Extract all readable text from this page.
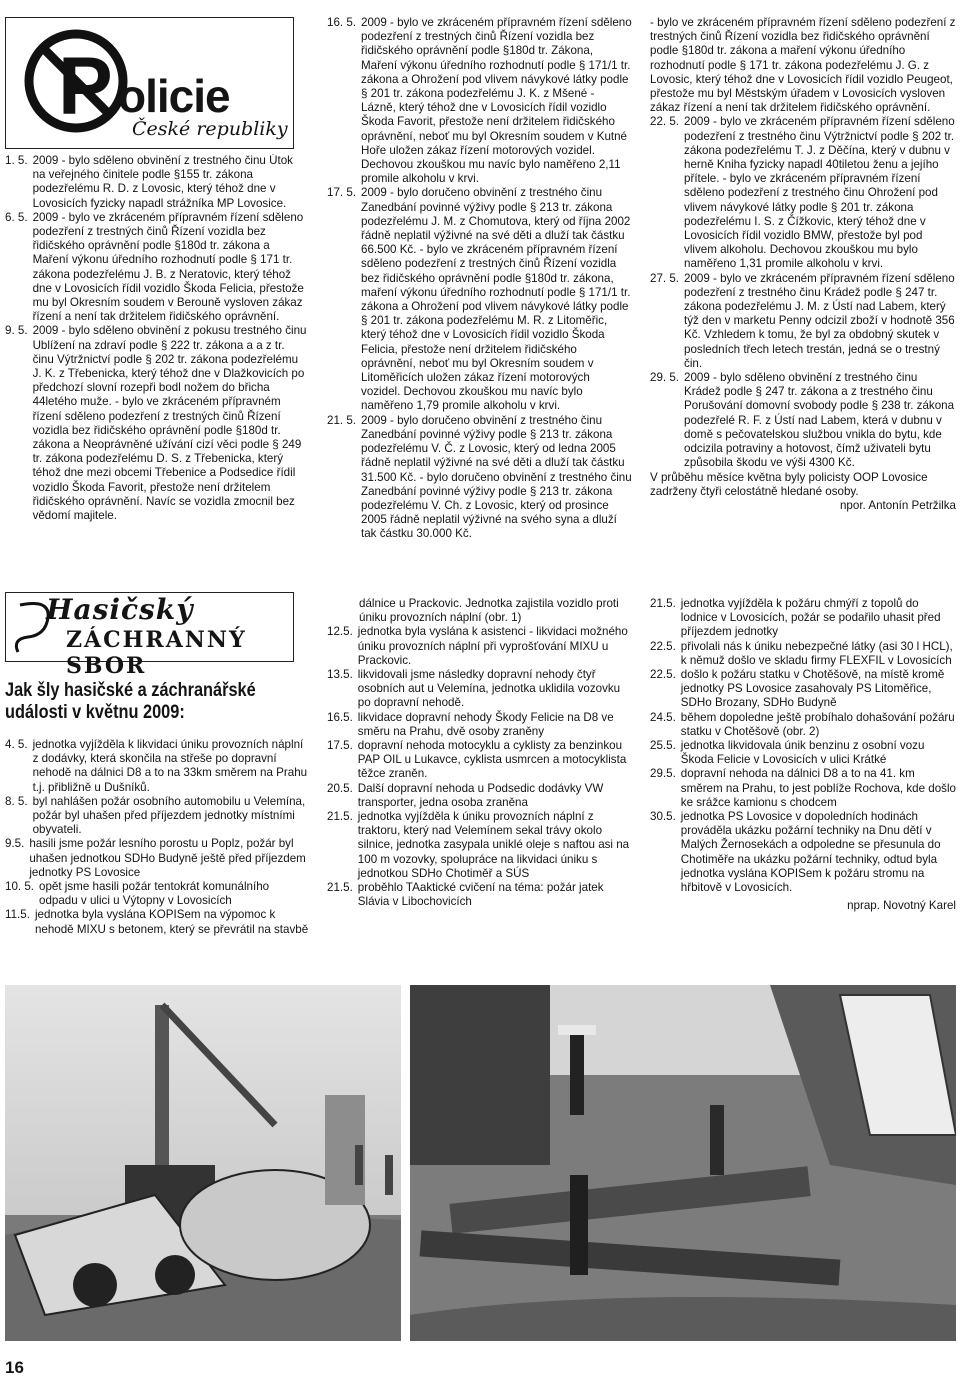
P olicie
České republiky
1. 5. 2009 - bylo sděleno obvinění z trestného činu Útok na veřejného činitele podle §155 tr. zákona podezřelému R. D. z Lovosic, který téhož dne v Lovosicích fyzicky napadl strážníka MP Lovosice.
6. 5. 2009 - bylo ve zkráceném přípravném řízení sděleno podezření z trestných činů Řízení vozidla bez řidičského oprávnění podle §180d tr. zákona a Maření výkonu úředního rozhodnutí podle § 171 tr. zákona podezřelému J. B. z Neratovic, který téhož dne v Lovosicích řídil vozidlo Škoda Felicia, přestože mu byl Okresním soudem v Berouně vysloven zákaz řízení a není tak držitelem řidičského oprávnění.
9. 5. 2009 - bylo sděleno obvinění z pokusu trestného činu Ublížení na zdraví podle § 222 tr. zákona a a z tr. činu Výtržnictví podle § 202 tr. zákona podezřelému J. K. z Třebenicka, který téhož dne v Dlažkovicích po předchozí slovní rozepři bodl nožem do břicha 44letého muže. - bylo ve zkráceném přípravném řízení sděleno podezření z trestných činů Řízení vozidla bez řidičského oprávnění podle §180d tr. zákona a Neoprávněné užívání cizí věci podle § 249 tr. zákona podezřelému D. S. z Třebenicka, který téhož dne mezi obcemi Třebenice a Podsedice řídil vozidlo Škoda Favorit, přestože není držitelem řidičského oprávnění. Navíc se vozidla zmocnil bez vědomí majitele.
16. 5. 2009 - bylo ve zkráceném přípravném řízení sděleno podezření z trestných činů Řízení vozidla bez řidičského oprávnění podle §180d tr. Zákona, Maření výkonu úředního rozhodnutí podle § 171/1 tr. zákona a Ohrožení pod vlivem návykové látky podle § 201 tr. zákona podezřelému J. K. z Mšené - Lázně, který téhož dne v Lovosicích řídil vozidlo Škoda Favorit, přestože není držitelem řidičského oprávnění, neboť mu byl Okresním soudem v Kutné Hoře uložen zákaz řízení motorových vozidel. Dechovou zkouškou mu navíc bylo naměřeno 2,11 promile alkoholu v krvi.
17. 5. 2009 - bylo doručeno obvinění z trestného činu Zanedbání povinné výživy podle § 213 tr. zákona podezřelému J. M. z Chomutova, který od října 2002 řádně neplatil výživné na své děti a dluží tak částku 66.500 Kč. - bylo ve zkráceném přípravném řízení sděleno podezření z trestných činů Řízení vozidla bez řidičského oprávnění podle §180d tr. zákona, maření výkonu úředního rozhodnutí podle § 171/1 tr. zákona a Ohrožení pod vlivem návykové látky podle § 201 tr. zákona podezřelému M. R. z Litoměřic, který téhož dne v Lovosicích řídil vozidlo Škoda Felicia, přestože není držitelem řidičského oprávnění, neboť mu byl Okresním soudem v Litoměřicích uložen zákaz řízení motorových vozidel. Dechovou zkouškou mu navíc bylo naměřeno 1,79 promile alkoholu v krvi.
21. 5. 2009 - bylo doručeno obvinění z trestného činu Zanedbání povinné výživy podle § 213 tr. zákona podezřelému V. Č. z Lovosic, který od ledna 2005 řádně neplatil výživné na své děti a dluží tak částku 31.500 Kč. - bylo doručeno obvinění z trestného činu Zanedbání povinné výživy podle § 213 tr. zákona podezřelému V. Ch. z Lovosic, který od prosince 2005 řádně neplatil výživné na svého syna a dluží tak částku 30.000 Kč.

- bylo ve zkráceném přípravném řízení sděleno podezření z trestných činů Řízení vozidla bez řidičského oprávnění podle §180d tr. zákona a maření výkonu úředního rozhodnutí podle § 171 tr. zákona podezřelému J. G. z Lovosic, který téhož dne v Lovosicích řídil vozidlo Peugeot, přestože mu byl Městským úřadem v Lovosicích vysloven zákaz řízení a není tak držitelem řidičského oprávnění.

22. 5. 2009 - bylo ve zkráceném přípravném řízení sděleno podezření z trestného činu Výtržnictví podle § 202 tr. zákona podezřelému T. J. z Děčína, který v dubnu v herně Kniha fyzicky napadl 40tiletou ženu a jejího přítele. - bylo ve zkráceném přípravném řízení sděleno podezření z trestného činu Ohrožení pod vlivem návykové látky podle § 201 tr. zákona podezřelému I. S. z Čížkovic, který téhož dne v Lovosicích řídil vozidlo BMW, přestože byl pod vlivem alkoholu. Dechovou zkouškou mu bylo naměřeno 1,31 promile alkoholu v krvi.
27. 5. 2009 - bylo ve zkráceném přípravném řízení sděleno podezření z trestného činu Krádež podle § 247 tr. zákona podezřelému J. M. z Ústí nad Labem, který týž den v marketu Penny odcizil zboží v hodnotě 356 Kč. Vzhledem k tomu, že byl za obdobný skutek v posledních třech letech trestán, jedná se o trestný čin.
29. 5. 2009 - bylo sděleno obvinění z trestného činu Krádež podle § 247 tr. zákona a z trestného činu Porušování domovní svobody podle § 238 tr. zákona podezřelé R. F. z Ústí nad Labem, která v dubnu v domě s pečovatelskou službou vnikla do bytu, kde odcizila potraviny a hotovost, čímž uživateli bytu způsobila škodu ve výši 4300 Kč.

V průběhu měsíce května byly policisty OOP Lovosice zadrženy čtyři celostátně hledané osoby.

npor. Antonín Petržilka

Hasičský
ZÁCHRANNÝ SBOR
Jak šly hasičské a záchranářské události v květnu 2009:
4. 5. jednotka vyjížděla k likvidaci úniku provozních náplní z dodávky, která skončila na střeše po dopravní nehodě na dálnici D8 a to na 33km směrem na Prahu t.j. přibližně u Dušníků.
8. 5. byl nahlášen požár osobního automobilu u Velemína, požár byl uhašen před příjezdem jednotky místními obyvateli.
9.5. hasili jsme požár lesního porostu u Poplz, požár byl uhašen jednotkou SDHo Budyně ještě před příjezdem jednotky PS Lovosice
10. 5. opět jsme hasili požár tentokrát komunálního odpadu v ulici u Výtopny v Lovosicích
11.5. jednotka byla vyslána KOPISem na výpomoc k nehodě MIXU s betonem, který se převrátil na stavbě

dálnice u Prackovic. Jednotka zajistila vozidlo proti úniku provozních náplní (obr. 1)

12.5. jednotka byla vyslána k asistenci - likvidaci možného úniku provozních náplní při vyprošťování MIXU u Prackovic.
13.5. likvidovali jsme následky dopravní nehody čtyř osobních aut u Velemína, jednotka uklidila vozovku po dopravní nehodě.
16.5. likvidace dopravní nehody Škody Felicie na D8 ve směru na Prahu, dvě osoby zraněny
17.5. dopravní nehoda motocyklu a cyklisty za benzinkou PAP OIL u Lukavce, cyklista usmrcen a motocyklista těžce zraněn.
20.5. Další dopravní nehoda u Podsedic dodávky VW transporter, jedna osoba zraněna
21.5. jednotka vyjížděla k úniku provozních náplní z traktoru, který nad Velemínem sekal trávy okolo silnice, jednotka zasypala uniklé oleje s naftou asi na 100 m vozovky, spolupráce na likvidaci úniku s jednotkou SDHo Chotiměř a SÚS
21.5. proběhlo TAaktické cvičení na téma: požár jatek Slávia v Libochovicích
21.5. jednotka vyjížděla k požáru chmýří z topolů do lodnice v Lovosicích, požár se podařilo uhasit před příjezdem jednotky
22.5. přivolali nás k úniku nebezpečné látky (asi 30 l HCL), k němuž došlo ve skladu firmy FLEXFIL v Lovosicích
22.5. došlo k požáru statku v Chotěšově, na místě kromě jednotky PS Lovosice zasahovaly PS Litoměřice, SDHo Brozany, SDHo Budyně
24.5. během dopoledne ještě probíhalo dohašování požáru statku v Chotěšově (obr. 2)
25.5. jednotka likvidovala únik benzinu z osobní vozu Škoda Felicie v Lovosicích v ulici Krátké
29.5. dopravní nehoda na dálnici D8 a to na 41. km směrem na Prahu, to jest poblíže Rochova, kde došlo ke srážce kamionu s chodcem
30.5. jednotka PS Lovosice v dopoledních hodinách prováděla ukázku požární techniky na Dnu dětí v Malých Žernosekách a odpoledne se přesunula do Chotiměře na ukázku požární techniky, odtud byla jednotka vyslána KOPISem k požáru stromu na hřbitově v Lovosicích.

nprap. Novotný Karel

16
